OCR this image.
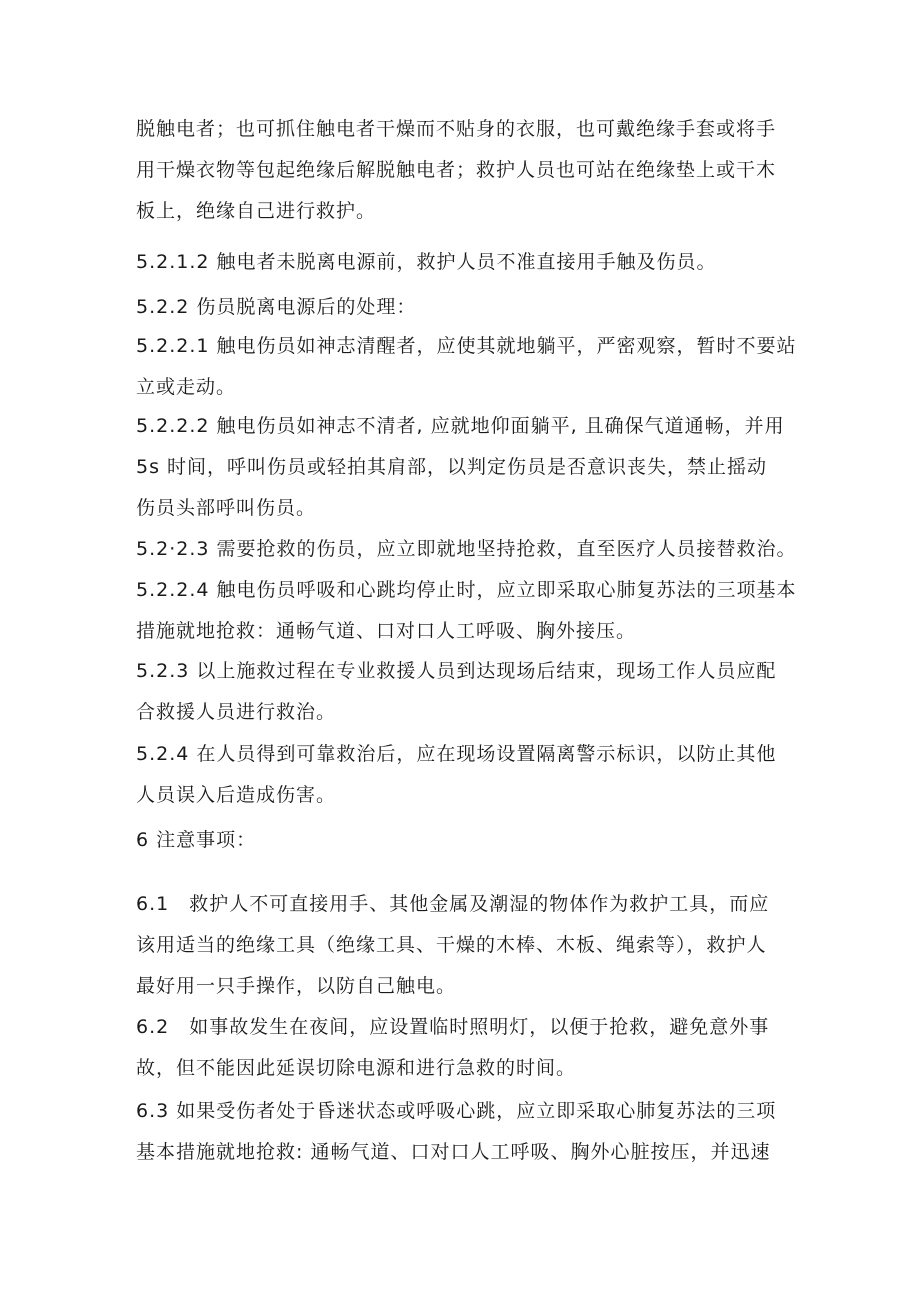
脱触电者；也可抓住触电者干燥而不贴身的衣服，也可戴绝缘手套或将手
用干燥衣物等包起绝缘后解脱触电者；救护人员也可站在绝缘垫上或干木
板上，绝缘自己进行救护。
5.2.1.2 触电者未脱离电源前，救护人员不准直接用手触及伤员。
5.2.2 伤员脱离电源后的处理：
5.2.2.1 触电伤员如神志清醒者，应使其就地躺平，严密观察，暂时不要站
立或走动。
5.2.2.2 触电伤员如神志不清者, 应就地仰面躺平, 且确保气道通畅，并用
5s 时间，呼叫伤员或轻拍其肩部，以判定伤员是否意识丧失，禁止摇动
伤员头部呼叫伤员。
5.2·2.3 需要抢救的伤员，应立即就地坚持抢救，直至医疗人员接替救治。
5.2.2.4 触电伤员呼吸和心跳均停止时，应立即采取心肺复苏法的三项基本
措施就地抢救：通畅气道、口对口人工呼吸、胸外接压。
5.2.3 以上施救过程在专业救援人员到达现场后结束，现场工作人员应配
合救援人员进行救治。
5.2.4 在人员得到可靠救治后，应在现场设置隔离警示标识，以防止其他
人员误入后造成伤害。
6 注意事项：
6.1　救护人不可直接用手、其他金属及潮湿的物体作为救护工具，而应
该用适当的绝缘工具（绝缘工具、干燥的木棒、木板、绳索等），救护人
最好用一只手操作，以防自己触电。
6.2　如事故发生在夜间，应设置临时照明灯，以便于抢救，避免意外事
故，但不能因此延误切除电源和进行急救的时间。
6.3 如果受伤者处于昏迷状态或呼吸心跳，应立即采取心肺复苏法的三项
基本措施就地抢救: 通畅气道、口对口人工呼吸、胸外心脏按压，并迅速
